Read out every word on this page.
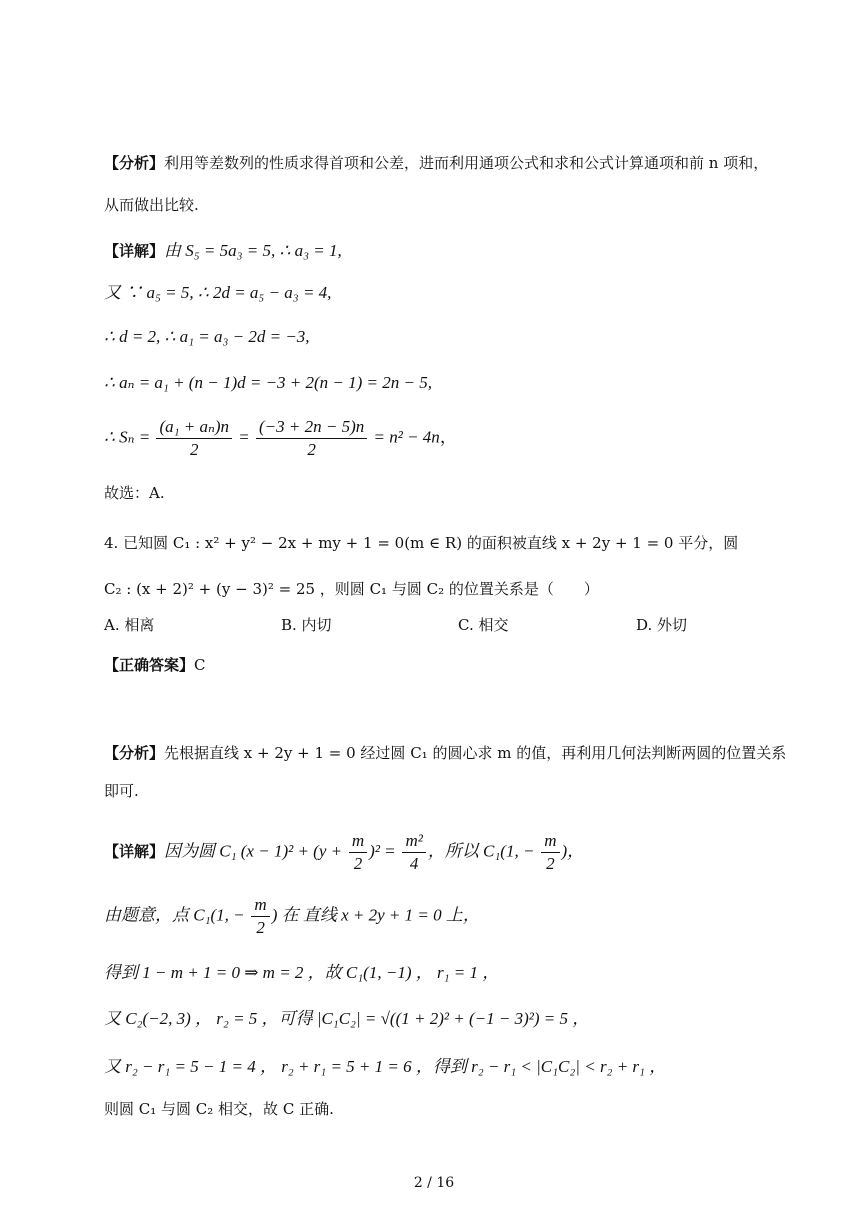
【分析】利用等差数列的性质求得首项和公差，进而利用通项公式和求和公式计算通项和前 n 项和，
从而做出比较.
【详解】由 S₅ = 5a₃ = 5, ∴ a₃ = 1,
又 ∵ a₅ = 5, ∴ 2d = a₅ − a₃ = 4,
∴ d = 2, ∴ a₁ = a₃ − 2d = −3,
∴ aₙ = a₁ + (n − 1)d = −3 + 2(n − 1) = 2n − 5,
∴ $S_n = \frac{\text{(a₁ + aₙ)n}}{2} = \frac{(-3 + 2n - 5)n}{2} = n^2 - 4n$，
故选：A.
4. 已知圆 C₁ : x² + y² − 2x + my + 1 = 0(m ∈ R) 的面积被直线 x + 2y + 1 = 0 平分，圆
C₂ : (x + 2)² + (y − 3)² = 25 ，则圆 C₁ 与圆 C₂ 的位置关系是（　　）
A. 相离	B. 内切	C. 相交	D. 外切
【正确答案】C
【分析】先根据直线 x + 2y + 1 = 0 经过圆 C₁ 的圆心求 m 的值，再利用几何法判断两圆的位置关系
即可.
【详解】因为圆 C₁ $(x - 1)^2 + (y + \frac{m}{2} )^2 = \frac{\text{m²}}{4}$ ，所以 C₁(1, − $\frac{m}{2}$ )，
由题意，点 C₁(1, − $\frac{m}{2}$ ) 在 直线 x + 2y + 1 = 0 上，
得到 1 − m + 1 = 0 ⇒ m = 2 ，故 C₁(1, −1) ， r₁ = 1 ，
又 C₂(−2, 3) ， r₂ = 5 ，可得 |C₁C₂| = √((1 + 2)² + (−1 − 3)²) = 5 ，
又 r₂ − r₁ = 5 − 1 = 4 ， r₂ + r₁ = 5 + 1 = 6 ，得到 r₂ − r₁ < |C₁C₂| < r₂ + r₁ ，
则圆 C₁ 与圆 C₂ 相交，故 C 正确.
2 / 16
